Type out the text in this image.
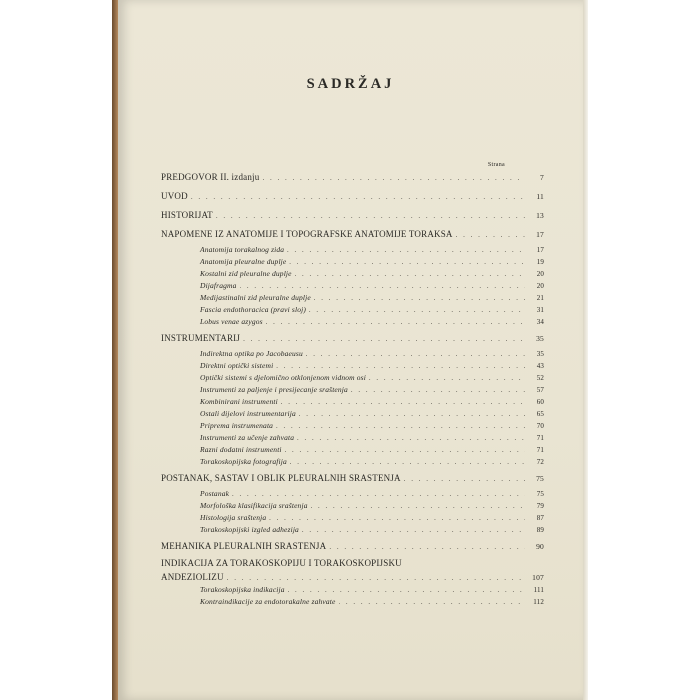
SADRŽAJ
Strana
PREDGOVOR II. izdanju . . .	7
UVOD . . .	11
HISTORIJAT . . .	13
NAPOMENE IZ ANATOMIJE I TOPOGRAFSKE ANATOMIJE TORAKSA . . .	17
Anatomija torakalnog zida . . .	17
Anatomija pleuralne duplje . . .	19
Kostalni zid pleuralne duplje . . .	20
Dijafragma . . .	20
Medijastinalni zid pleuralne duplje . . .	21
Fascia endothoracica (pravi sloj) . . .	31
Lobus venae azygos . . .	34
INSTRUMENTARIJ . . .	35
Indirektna optika po Jacobaeusu . . .	35
Direktni optički sistemi . . .	43
Optički sistemi s djelomično otklonjenom vidnom osi . . .	52
Instrumenti za paljenje i presijecanje sraštenja . . .	57
Kombinirani instrumenti . . .	60
Ostali dijelovi instrumentarija . . .	65
Priprema instrumenata . . .	70
Instrumenti za učenje zahvata . . .	71
Razni dodatni instrumenti . . .	71
Torakoskopijska fotografija . . .	72
POSTANAK, SASTAV I OBLIK PLEURALNIH SRASTENJA . . .	75
Postanak . . .	75
Morfološka klasifikacija sraštenja . . .	79
Histologija sraštenja . . .	87
Torakoskopijski izgled adhezija . . .	89
MEHANIKA PLEURALNIH SRASTENJA . . .	90
INDIKACIJA ZA TORAKOSKOPIJU I TORAKOSKOPIJSKU
ANDEZIOLIZU . . .	107
Torakoskopijska indikacija . . .	111
Kontraindikacije za endotorakalne zahvate . . .	112
